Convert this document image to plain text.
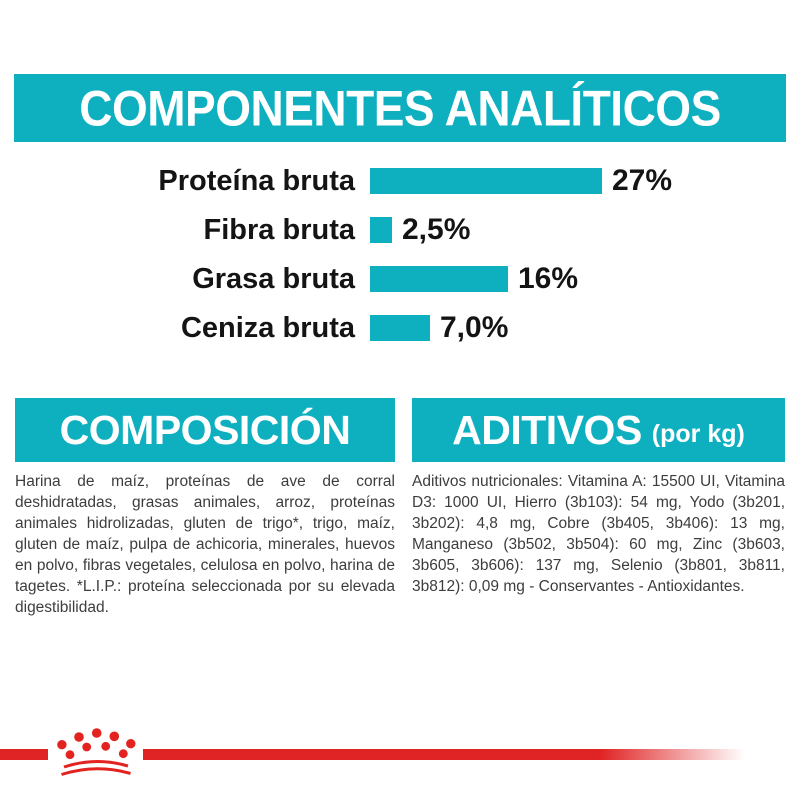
COMPONENTES ANALÍTICOS
Proteína bruta	27%
Fibra bruta 2,5%
Grasa bruta	16%
Ceniza bruta	7,0%
COMPOSICIÓN

Harina de maíz, proteínas de ave de corral deshidratadas, grasas animales, arroz, proteínas animales hidrolizadas, gluten de trigo*, trigo, maíz, gluten de maíz, pulpa de achicoria, minerales, huevos en polvo, fibras vegetales, celulosa en polvo, harina de tagetes. *L.I.P.: proteína seleccionada por su elevada digestibilidad.

ADITIVOS (por kg)

Aditivos nutricionales: Vitamina A: 15500 UI, Vitamina D3: 1000 UI, Hierro (3b103): 54 mg, Yodo (3b201, 3b202): 4,8 mg, Cobre (3b405, 3b406): 13 mg, Manganeso (3b502, 3b504): 60 mg, Zinc (3b603, 3b605, 3b606): 137 mg, Selenio (3b801, 3b811, 3b812): 0,09 mg - Conservantes - Antioxidantes.
